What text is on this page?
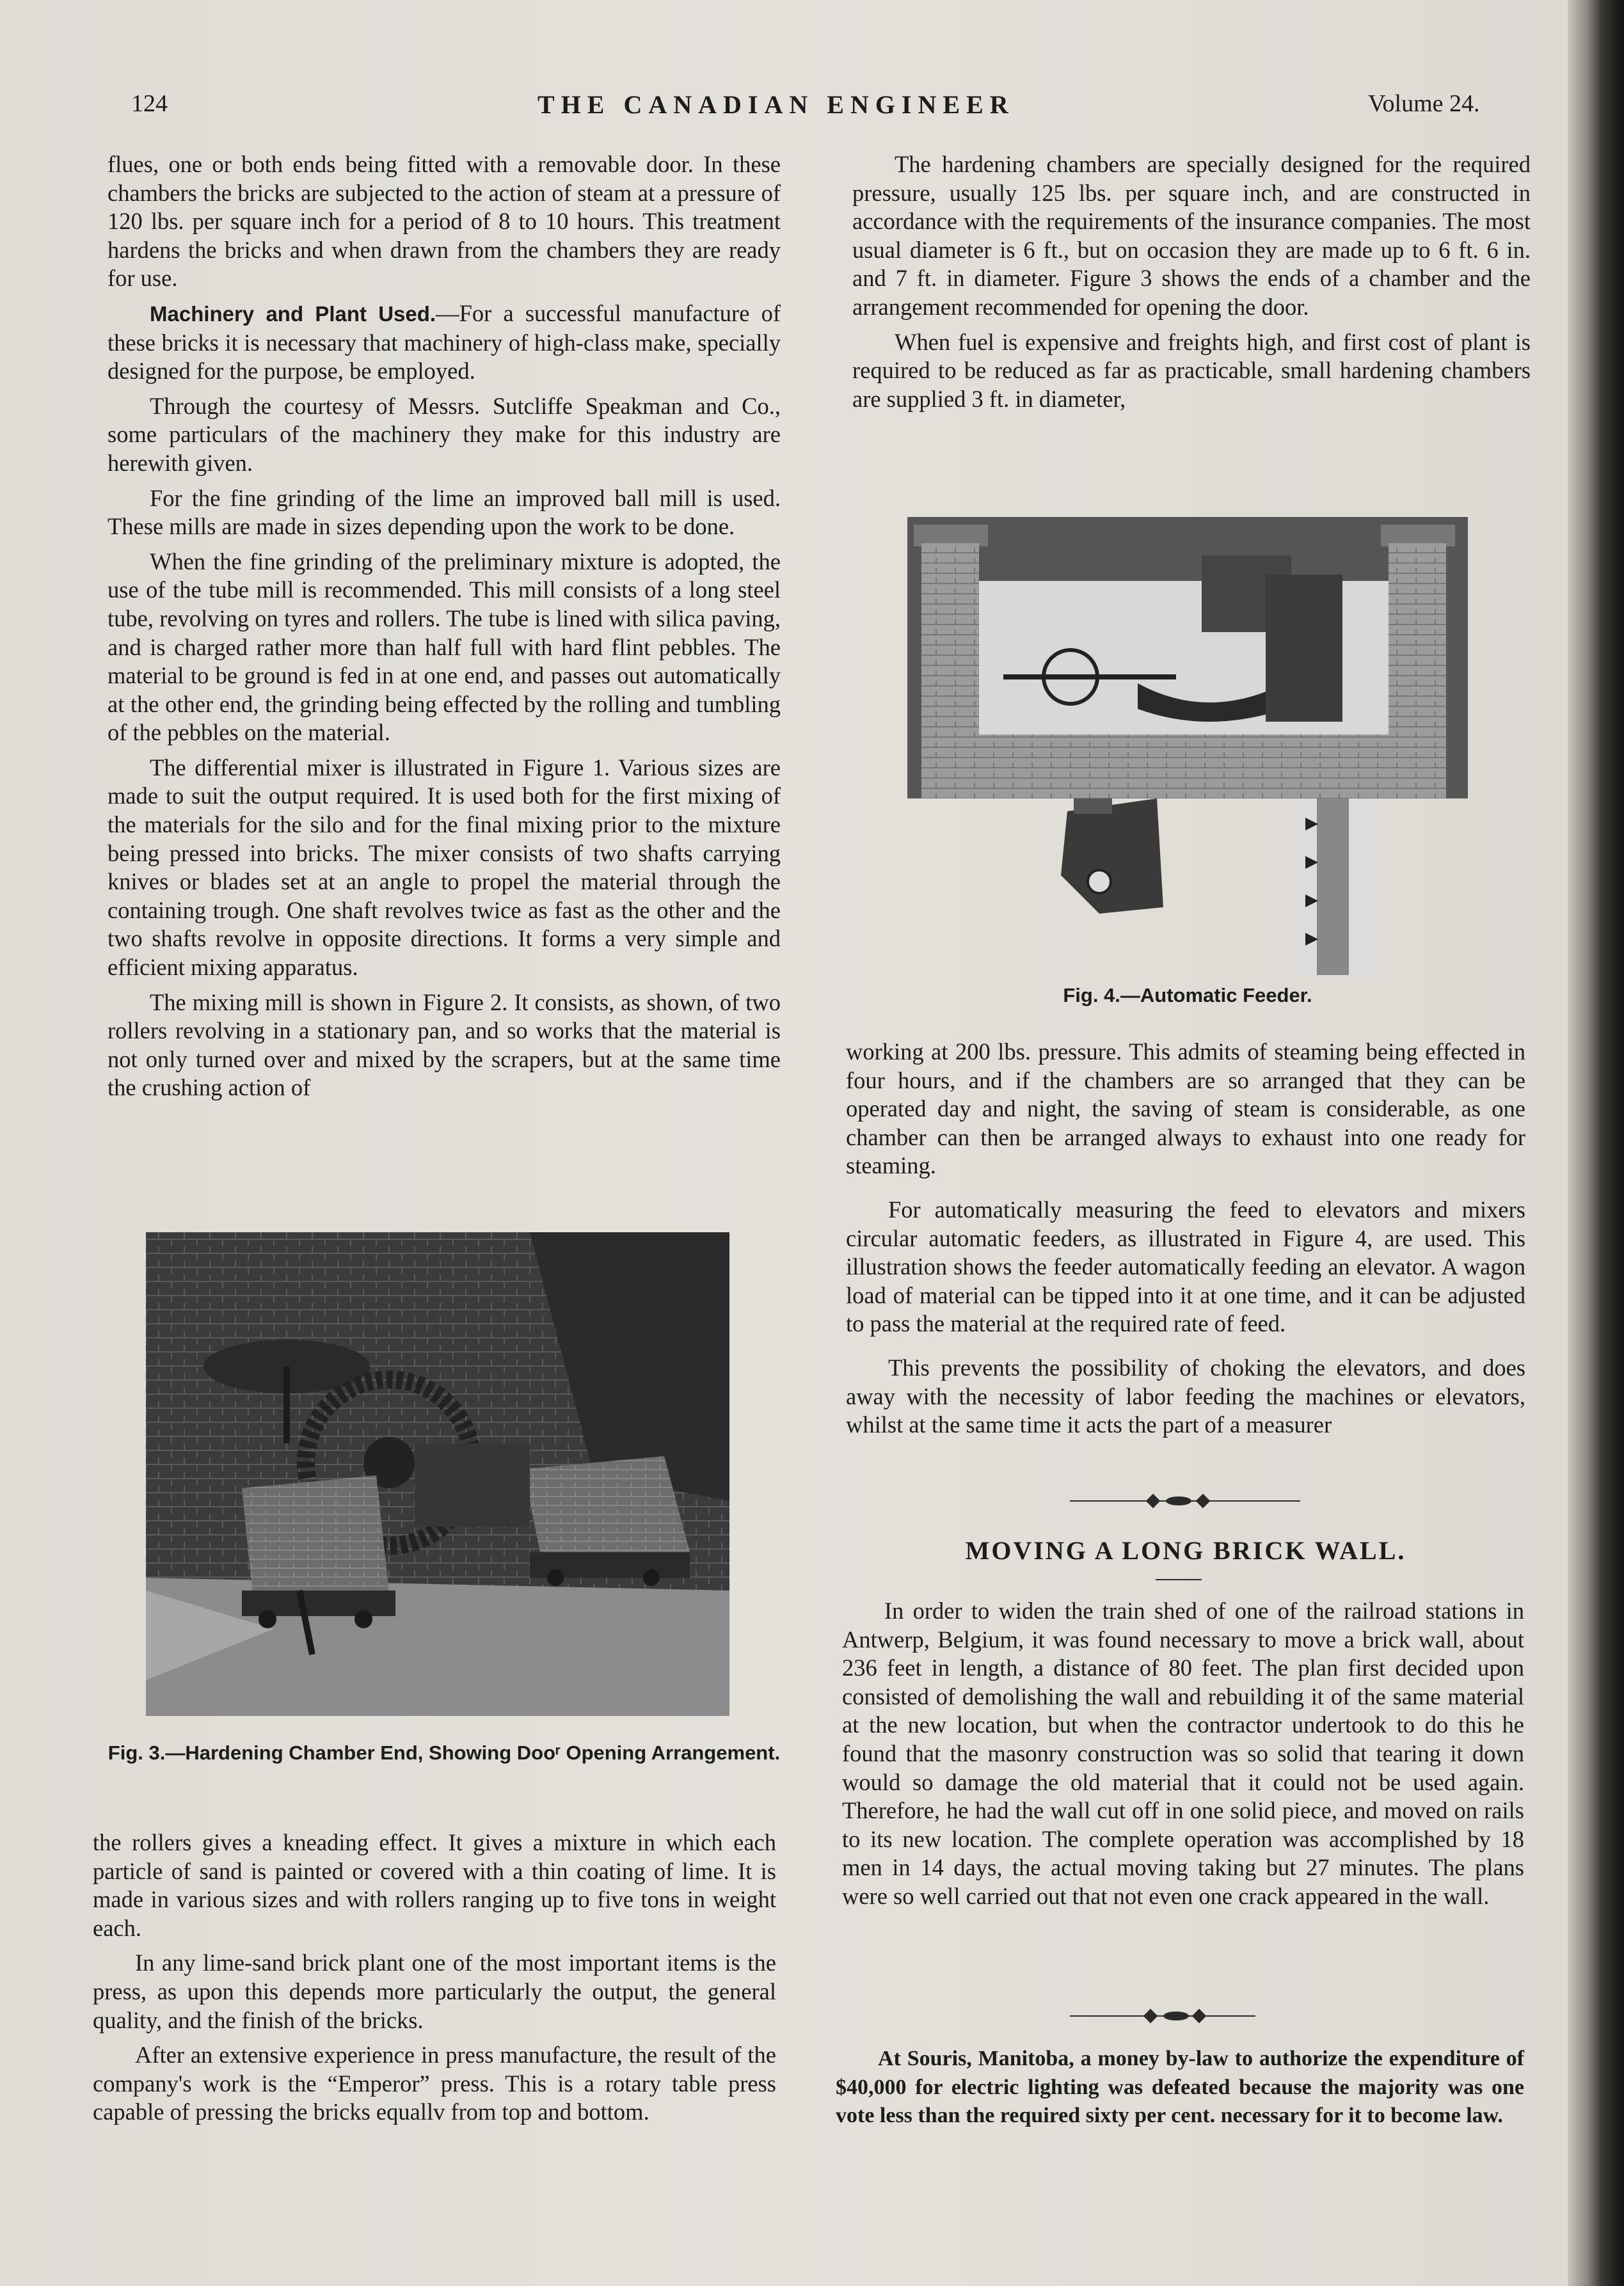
124	THE CANADIAN ENGINEER	Volume 24.

flues, one or both ends being fitted with a removable door. In these chambers the bricks are subjected to the action of steam at a pressure of 120 lbs. per square inch for a period of 8 to 10 hours. This treatment hardens the bricks and when drawn from the chambers they are ready for use.

Machinery and Plant Used.—For a successful manufacture of these bricks it is necessary that machinery of high-class make, specially designed for the purpose, be employed.

Through the courtesy of Messrs. Sutcliffe Speakman and Co., some particulars of the machinery they make for this industry are herewith given.

For the fine grinding of the lime an improved ball mill is used. These mills are made in sizes depending upon the work to be done.

When the fine grinding of the preliminary mixture is adopted, the use of the tube mill is recommended. This mill consists of a long steel tube, revolving on tyres and rollers. The tube is lined with silica paving, and is charged rather more than half full with hard flint pebbles. The material to be ground is fed in at one end, and passes out automatically at the other end, the grinding being effected by the rolling and tumbling of the pebbles on the material.

The differential mixer is illustrated in Figure 1. Various sizes are made to suit the output required. It is used both for the first mixing of the materials for the silo and for the final mixing prior to the mixture being pressed into bricks. The mixer consists of two shafts carrying knives or blades set at an angle to propel the material through the containing trough. One shaft revolves twice as fast as the other and the two shafts revolve in opposite directions. It forms a very simple and efficient mixing apparatus.

The mixing mill is shown in Figure 2. It consists, as shown, of two rollers revolving in a stationary pan, and so works that the material is not only turned over and mixed by the scrapers, but at the same time the crushing action of

Fig. 3.—Hardening Chamber End, Showing Dooʳ Opening Arrangement.

the rollers gives a kneading effect. It gives a mixture in which each particle of sand is painted or covered with a thin coating of lime. It is made in various sizes and with rollers ranging up to five tons in weight each.

In any lime-sand brick plant one of the most important items is the press, as upon this depends more particularly the output, the general quality, and the finish of the bricks.

After an extensive experience in press manufacture, the result of the company's work is the “Emperor” press. This is a rotary table press capable of pressing the bricks equallv from top and bottom.

The hardening chambers are specially designed for the required pressure, usually 125 lbs. per square inch, and are constructed in accordance with the requirements of the insurance companies. The most usual diameter is 6 ft., but on occasion they are made up to 6 ft. 6 in. and 7 ft. in diameter. Figure 3 shows the ends of a chamber and the arrangement recommended for opening the door.

When fuel is expensive and freights high, and first cost of plant is required to be reduced as far as practicable, small hardening chambers are supplied 3 ft. in diameter,

Fig. 4.—Automatic Feeder.

working at 200 lbs. pressure. This admits of steaming being effected in four hours, and if the chambers are so arranged that they can be operated day and night, the saving of steam is considerable, as one chamber can then be arranged always to exhaust into one ready for steaming.

For automatically measuring the feed to elevators and mixers circular automatic feeders, as illustrated in Figure 4, are used. This illustration shows the feeder automatically feeding an elevator. A wagon load of material can be tipped into it at one time, and it can be adjusted to pass the material at the required rate of feed.

This prevents the possibility of choking the elevators, and does away with the necessity of labor feeding the machines or elevators, whilst at the same time it acts the part of a measurer

MOVING A LONG BRICK WALL.

In order to widen the train shed of one of the railroad stations in Antwerp, Belgium, it was found necessary to move a brick wall, about 236 feet in length, a distance of 80 feet. The plan first decided upon consisted of demolishing the wall and rebuilding it of the same material at the new location, but when the contractor undertook to do this he found that the masonry construction was so solid that tearing it down would so damage the old material that it could not be used again. Therefore, he had the wall cut off in one solid piece, and moved on rails to its new location. The complete operation was accomplished by 18 men in 14 days, the actual moving taking but 27 minutes. The plans were so well carried out that not even one crack appeared in the wall.

At Souris, Manitoba, a money by-law to authorize the expenditure of $40,000 for electric lighting was defeated because the majority was one vote less than the required sixty per cent. necessary for it to become law.
